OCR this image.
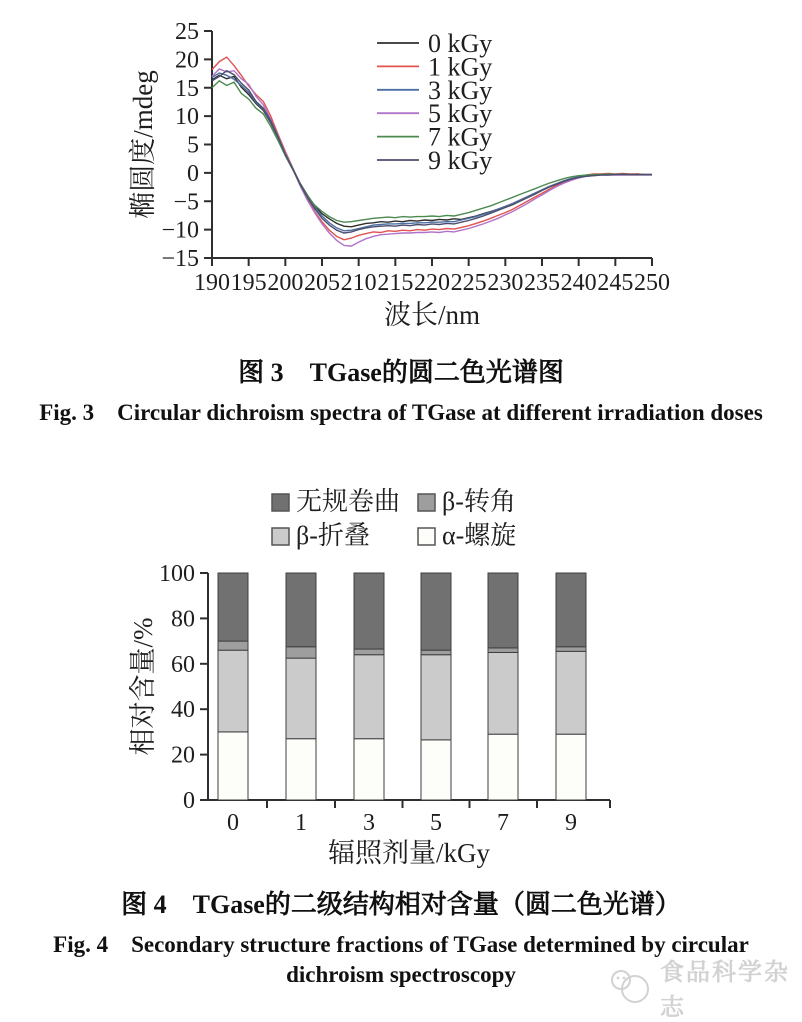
−15
−10
−5
0
5
10
15
20
25
190 195 200 205 210 215 220 225 230 235 240 245 250
波长/nm
椭圆度/mdeg
0 kGy
1 kGy
3 kGy
5 kGy
7 kGy
9 kGy
图 3　TGase的圆二色光谱图
Fig. 3　Circular dichroism spectra of TGase at different irradiation doses
0
20
40
60
80
100
0 1 3 5 7 9
辐照剂量/kGy
相对含量/%
无规卷曲 β-转角
β-折叠	α-螺旋
图 4　TGase的二级结构相对含量（圆二色光谱）
Fig. 4　Secondary structure fractions of TGase determined by circular
dichroism spectroscopy	食品科学杂志
